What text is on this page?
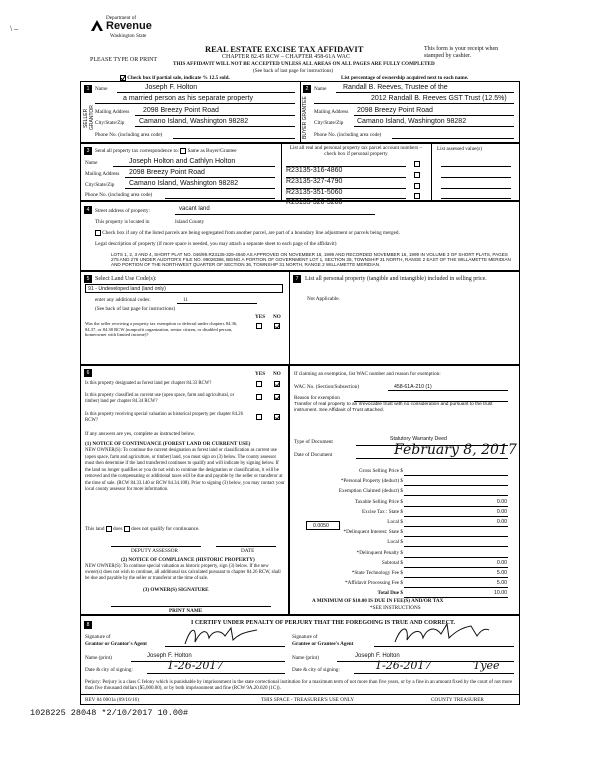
\ –
Department of
Revenue
Washington State
PLEASE TYPE OR PRINT
REAL ESTATE EXCISE TAX AFFIDAVIT
CHAPTER 82.45 RCW – CHAPTER 458-61A WAC
THIS AFFIDAVIT WILL NOT BE ACCEPTED UNLESS ALL AREAS ON ALL PAGES ARE FULLY COMPLETED
This form is your receipt when stamped by cashier.
(See back of last page for instructions)
Check box if partial sale, indicate % 12.5 sold.	List percentage of ownership acquired next to each name.
1
SELLER GRANTOR
Name	Joseph F. Holton
a married person as his separate property
Mailing Address 2098 Breezy Point Road
City/State/Zip Camano Island, Washington 98282
Phone No. (including area code)
2
BUYER GRANTEE
Name Randall B. Reeves, Trustee of the
2012 Randall B. Reeves GST Trust (12.5%)
Mailing Address 2098 Breezy Point Road
City/State/Zip Camano Island, Washington 98282
Phone No. (including area code)
3	Send all property tax correspondence to: Same as Buyer/Grantee
List all real and personal property tax parcel account numbers – check box if personal property
List assessed value(s)
Name	Joseph Holton and Cathlyn Holton
Mailing Address 2098 Breezy Point Road
City/State/Zip Camano Island, Washington 98282
Phone No. (including area code)
R23135-316-4860
R23135-327-4790
R23135-351-5060
R23135-320-5200
4	Street address of property:	vacant land
This property is located in	Island County
Check box if any of the listed parcels are being segregated from another parcel, are part of a boundary line adjustment or parcels being merged.
Legal description of property (if more space is needed, you may attach a separate sheet to each page of the affidavit)
LOTS 1, 2, 3 AND 4, SHORT PLAT NO. 046/99.R23135-329-4940 AS APPROVED ON NOVEMBER 16, 1999 AND RECORDED NOVEMBER 16, 1999 IN VOLUME 3 OF SHORT PLATS, PAGES 275 AND 276 UNDER AUDITOR'S FILE NO. 99026386, BEING A PORTION OF GOVERNMENT LOT 1, SECTION 35, TOWNSHIP 31 NORTH, RANGE 2 EAST OF THE WILLAMETTE MERIDIAN AND PORTION OF THE NORTHWEST QUARTER OF SECTION 36, TOWNSHIP 31 NORTH, RANGE 2 WILLAMETTE MERIDIAN.
5 Select Land Use Code(s):
91 - Undeveloped land (land only)
enter any additional codes:	11
(See back of last page for instructions)
YES NO
Was the seller receiving a property tax exemption or deferral under chapters 84.36, 84.37, or 84.38 RCW (nonprofit organization, senior citizen, or disabled person, homeowner with limited income)?
7	List all personal property (tangible and intangible) included in selling price.
Not Applicable.
6	YES NO
Is this property designated as forest land per chapter 84.33 RCW?
Is this property classified as current use (open space, farm and agricultural, or timber) land per chapter 84.34 RCW?
Is this property receiving special valuation as historical property per chapter 84.26 RCW?
If any answers are yes, complete as instructed below.
(1) NOTICE OF CONTINUANCE (FOREST LAND OR CURRENT USE)
NEW OWNER(S): To continue the current designation as forest land or classification as current use (open space, farm and agriculture, or timber) land, you must sign on (3) below. The county assessor must then determine if the land transferred continues to qualify and will indicate by signing below. If the land no longer qualifies or you do not wish to continue the designation or classification, it will be removed and the compensating or additional taxes will be due and payable by the seller or transferor at the time of sale. (RCW 84.33.140 or RCW 84.34.108). Prior to signing (3) below, you may contact your local county assessor for more information.
This land does does not qualify for continuance.
DEPUTY ASSESSOR	DATE
(2) NOTICE OF COMPLIANCE (HISTORIC PROPERTY)
NEW OWNER(S): To continue special valuation as historic property, sign (3) below. If the new owner(s) does not wish to continue, all additional tax calculated pursuant to chapter 84.26 RCW, shall be due and payable by the seller or transferor at the time of sale.
(3) OWNER(S) SIGNATURE
PRINT NAME
If claiming an exemption, list WAC number and reason for exemption:
WAC No. (Section/Subsection)	458-61A-210 (1)
Reason for exemption
Transfer of real property to an irrevocable trust with no consideration and pursuant to the trust instrument. See Affidavit of Trust attached.
Type of Document	Statutory Warranty Deed
Date of Document	February 8, 2017
Gross Selling Price $
*Personal Property (deduct) $
Exemption Claimed (deduct) $
Taxable Selling Price $	0.00
Excise Tax : State $	0.00
Local $	0.00
*Delinquent Interest: State $
Local $
*Delinquent Penalty $
Subtotal $	0.00
*State Technology Fee $	5.00
*Affidavit Processing Fee $	5.00
Total Due $	10.00
0.0050
A MINIMUM OF $10.00 IS DUE IN FEE(S) AND/OR TAX
*SEE INSTRUCTIONS
8	I CERTIFY UNDER PENALTY OF PERJURY THAT THE FOREGOING IS TRUE AND CORRECT.
Signature of
Grantor or Grantor's Agent
Name (print)	Joseph F. Holton
Date & city of signing:	1-26-2017
Signature of
Grantee or Grantee's Agent
Name (print)	Joseph F. Holton
Date & city of signing:	1-26-2017	Tyee
Perjury: Perjury is a class C felony which is punishable by imprisonment in the state correctional institution for a maximum term of not more than five years, or by a fine in an amount fixed by the court of not more than five thousand dollars ($5,000.00), or by both imprisonment and fine (RCW 9A.20.020 (1C)).
REV 84 0001a (09/16/16)	THIS SPACE - TREASURER'S USE ONLY	COUNTY TREASURER
1028225 28048 *2/10/2017 10.00#
